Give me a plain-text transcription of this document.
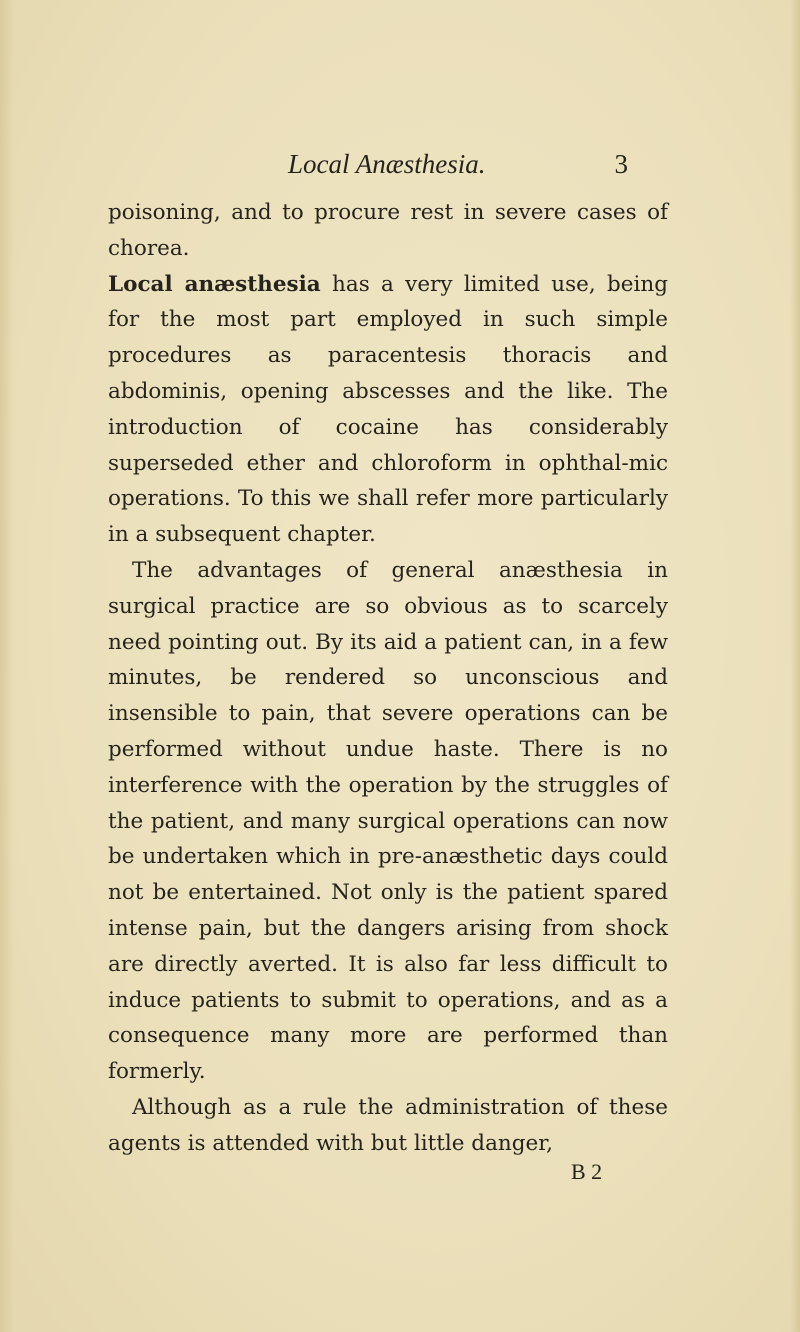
Local Anæsthesia.	3

poisoning, and to procure rest in severe cases of chorea.

Local anæsthesia has a very limited use, being for the most part employed in such simple procedures as paracentesis thoracis and abdominis, opening abscesses and the like. The introduction of cocaine has considerably superseded ether and chloroform in ophthal-mic operations. To this we shall refer more particularly in a subsequent chapter.

The advantages of general anæsthesia in surgical practice are so obvious as to scarcely need pointing out. By its aid a patient can, in a few minutes, be rendered so unconscious and insensible to pain, that severe operations can be performed without undue haste. There is no interference with the operation by the struggles of the patient, and many surgical operations can now be undertaken which in pre-anæsthetic days could not be entertained. Not only is the patient spared intense pain, but the dangers arising from shock are directly averted. It is also far less difficult to induce patients to submit to operations, and as a consequence many more are performed than formerly.

Although as a rule the administration of these agents is attended with but little danger,

B 2
